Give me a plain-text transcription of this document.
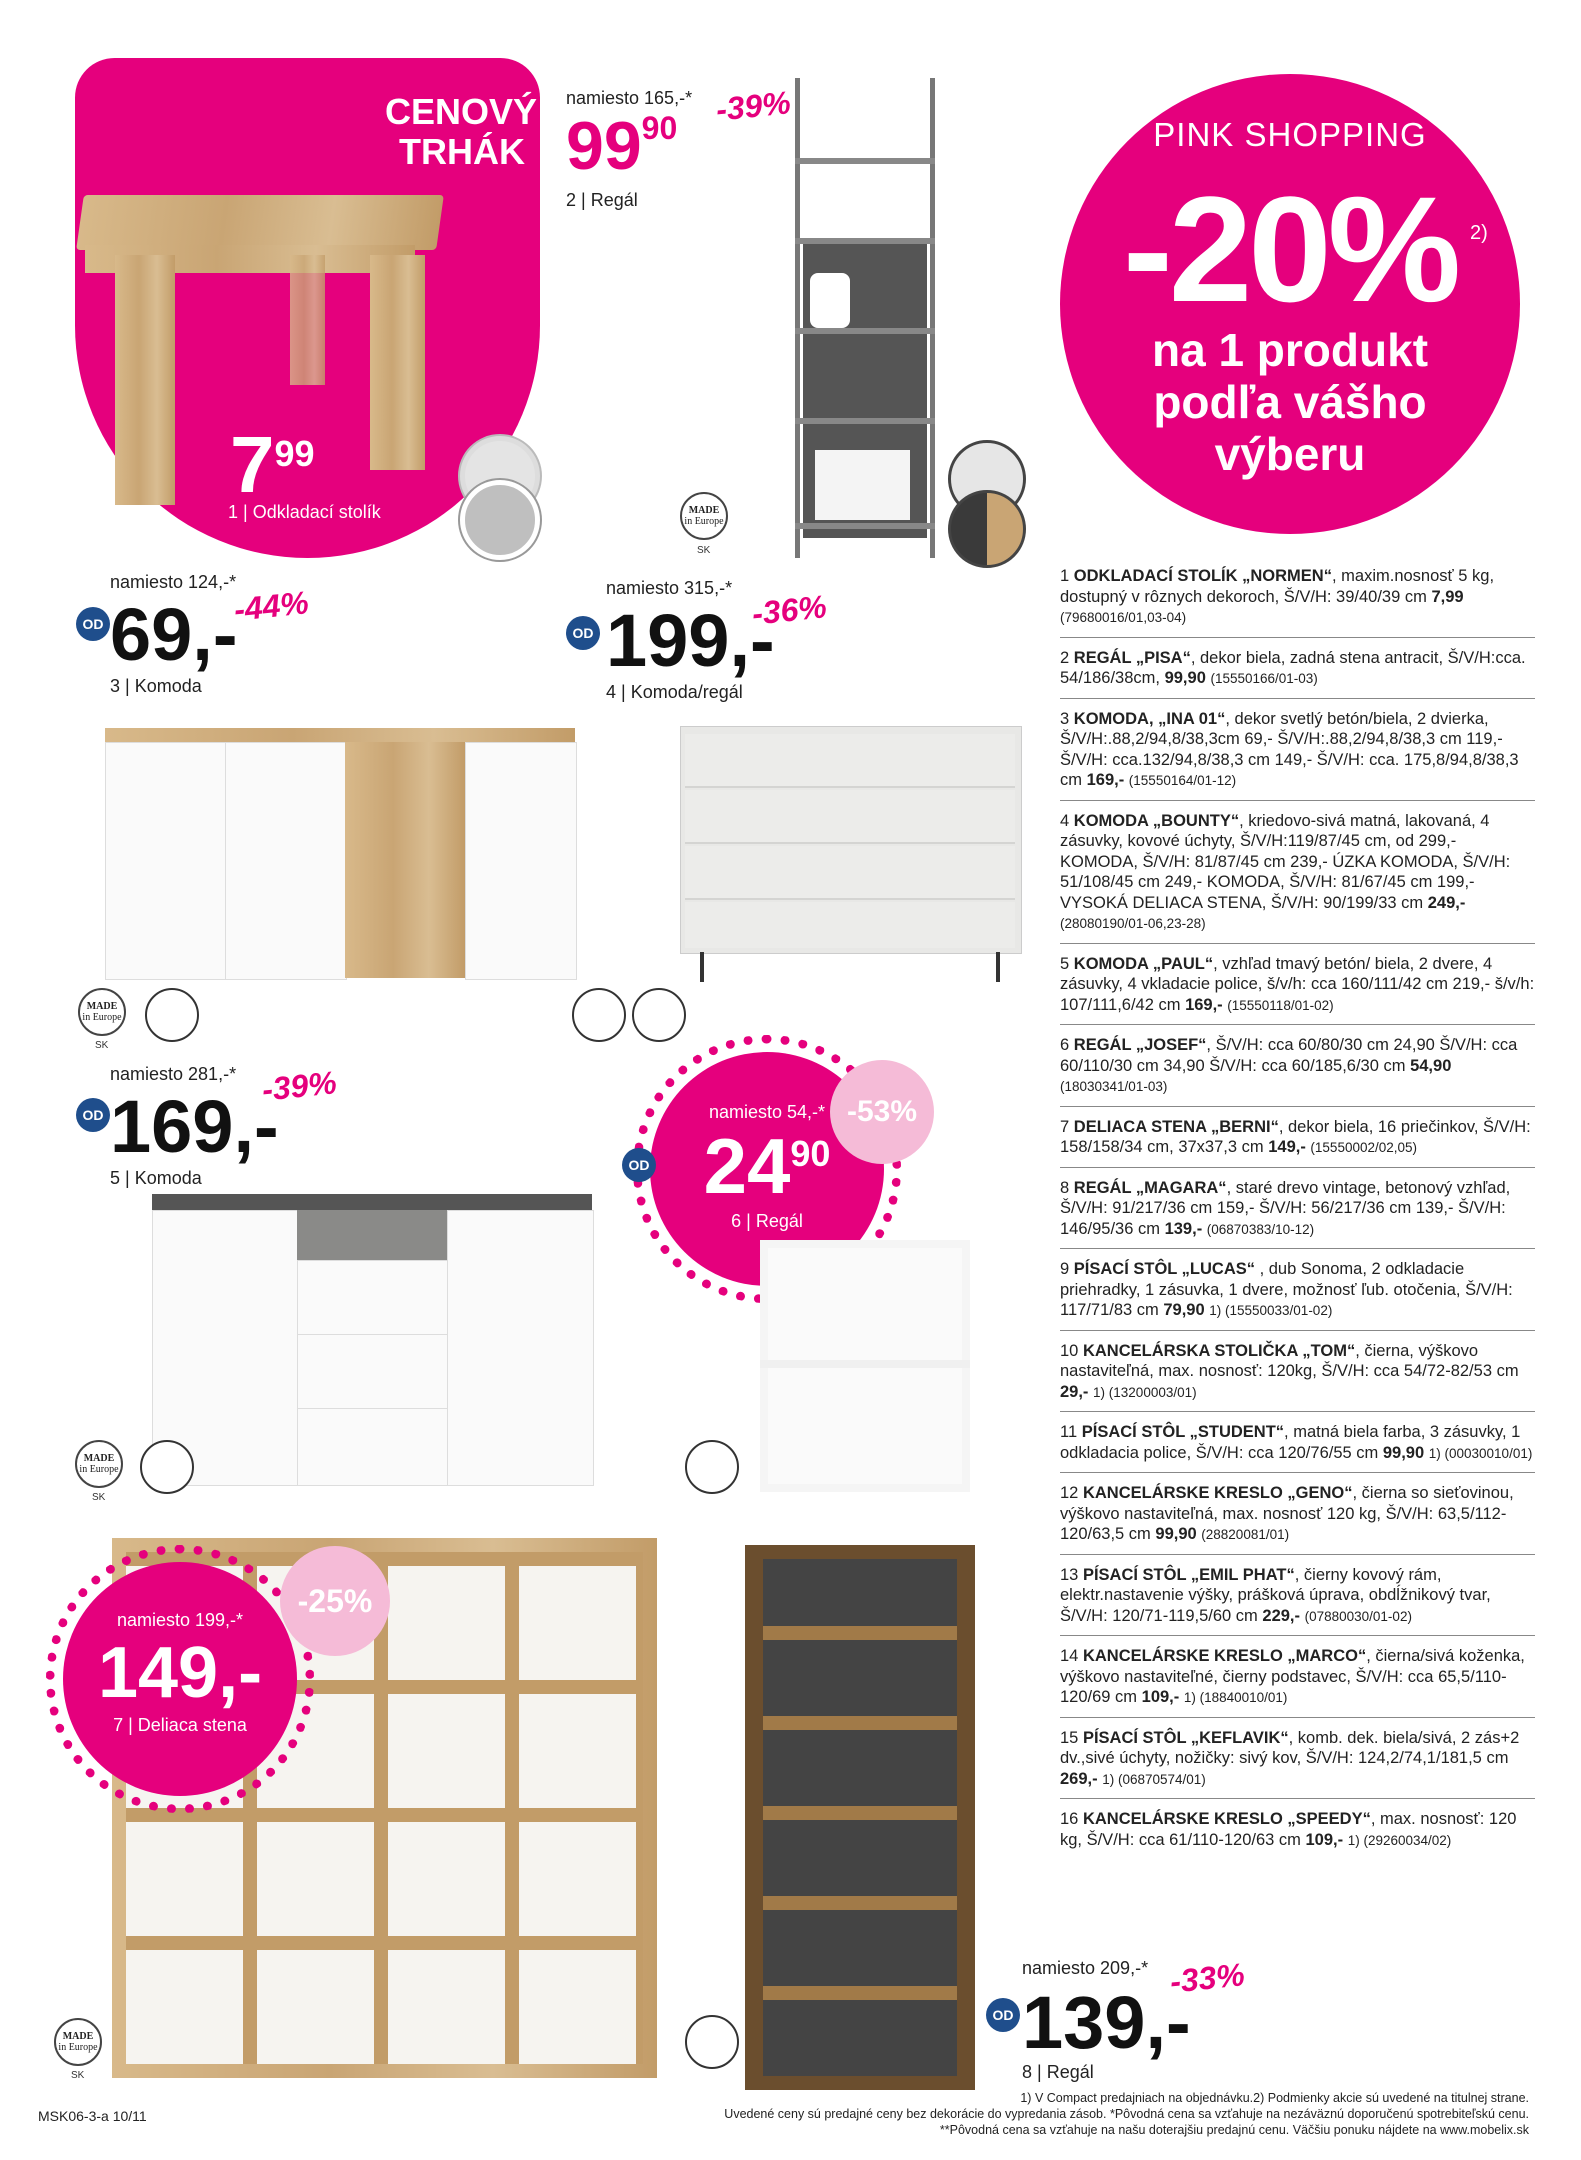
CENOVÝ
TRHÁK
799
1 | Odkladací stolík
namiesto 165,-* -39%
9990
2 | Regál
MADE
in Europe
SK
PINK SHOPPING
-20% 2)
na 1 produkt
podľa vášho
výberu
namiesto 124,-*
-44%
OD 69,-
3 | Komoda
MADE
in Europe
SK
namiesto 315,-*
-36%
OD 199,-
4 | Komoda/regál
namiesto 281,-* -39%
OD 169,-
5 | Komoda
MADE
in Europe
SK
namiesto 54,-*
2490
6 | Regál
-53%
OD
namiesto 199,-*
149,-
7 | Deliaca stena
-25%
MADE
in Europe
SK
namiesto 209,-* -33%
OD 139,-
8 | Regál
1 ODKLADACÍ STOLÍK „NORMEN“, maxim.nosnosť 5 kg, dostupný v rôznych dekoroch, Š/V/H: 39/40/39 cm 7,99 (79680016/01,03-04)
2 REGÁL „PISA“, dekor biela, zadná stena antracit, Š/V/H:cca. 54/186/38cm, 99,90 (15550166/01-03)
3 KOMODA, „INA 01“, dekor svetlý betón/biela, 2 dvierka, Š/V/H:.88,2/94,8/38,3cm 69,- Š/V/H:.88,2/94,8/38,3 cm 119,- Š/V/H: cca.132/94,8/38,3 cm 149,- Š/V/H: cca. 175,8/94,8/38,3 cm 169,- (15550164/01-12)
4 KOMODA „BOUNTY“, kriedovo-sivá matná, lakovaná, 4 zásuvky, kovové úchyty, Š/V/H:119/87/45 cm, od 299,- KOMODA, Š/V/H: 81/87/45 cm 239,- ÚZKA KOMODA, Š/V/H: 51/108/45 cm 249,- KOMODA, Š/V/H: 81/67/45 cm 199,- VYSOKÁ DELIACA STENA, Š/V/H: 90/199/33 cm 249,- (28080190/01-06,23-28)
5 KOMODA „PAUL“, vzhľad tmavý betón/ biela, 2 dvere, 4 zásuvky, 4 vkladacie police, š/v/h: cca 160/111/42 cm 219,- š/v/h: 107/111,6/42 cm 169,- (15550118/01-02)
6 REGÁL „JOSEF“, Š/V/H: cca 60/80/30 cm 24,90 Š/V/H: cca 60/110/30 cm 34,90 Š/V/H: cca 60/185,6/30 cm 54,90 (18030341/01-03)
7 DELIACA STENA „BERNI“, dekor biela, 16 priečinkov, Š/V/H: 158/158/34 cm, 37x37,3 cm 149,- (15550002/02,05)
8 REGÁL „MAGARA“, staré drevo vintage, betonový vzhľad, Š/V/H: 91/217/36 cm 159,- Š/V/H: 56/217/36 cm 139,- Š/V/H: 146/95/36 cm 139,- (06870383/10-12)
9 PÍSACÍ STÔL „LUCAS“ , dub Sonoma, 2 odkladacie priehradky, 1 zásuvka, 1 dvere, možnosť ľub. otočenia, Š/V/H: 117/71/83 cm 79,90 1) (15550033/01-02)
10 KANCELÁRSKA STOLIČKA „TOM“, čierna, výškovo nastaviteľná, max. nosnosť: 120kg, Š/V/H: cca 54/72-82/53 cm 29,- 1) (13200003/01)
11 PÍSACÍ STÔL „STUDENT“, matná biela farba, 3 zásuvky, 1 odkladacia police, Š/V/H: cca 120/76/55 cm 99,90 1) (00030010/01)
12 KANCELÁRSKE KRESLO „GENO“, čierna so sieťovinou, výškovo nastaviteľná, max. nosnosť 120 kg, Š/V/H: 63,5/112-120/63,5 cm 99,90 (28820081/01)
13 PÍSACÍ STÔL „EMIL PHAT“, čierny kovový rám, elektr.nastavenie výšky, prášková úprava, obdĺžnikový tvar, Š/V/H: 120/71-119,5/60 cm 229,- (07880030/01-02)
14 KANCELÁRSKE KRESLO „MARCO“, čierna/sivá koženka, výškovo nastaviteľné, čierny podstavec, Š/V/H: cca 65,5/110-120/69 cm 109,- 1) (18840010/01)
15 PÍSACÍ STÔL „KEFLAVIK“, komb. dek. biela/sivá, 2 zás+2 dv.,sivé úchyty, nožičky: sivý kov, Š/V/H: 124,2/74,1/181,5 cm 269,- 1) (06870574/01)
16 KANCELÁRSKE KRESLO „SPEEDY“, max. nosnosť: 120 kg, Š/V/H: cca 61/110-120/63 cm 109,- 1) (29260034/02)
MSK06-3-a 10/11
1) V Compact predajniach na objednávku.2) Podmienky akcie sú uvedené na titulnej strane.
Uvedené ceny sú predajné ceny bez dekorácie do vypredania zásob. *Pôvodná cena sa vzťahuje na nezáväznú doporučenú spotrebiteľskú cenu.
**Pôvodná cena sa vzťahuje na našu doterajšiu predajnú cenu. Väčšiu ponuku nájdete na www.mobelix.sk
